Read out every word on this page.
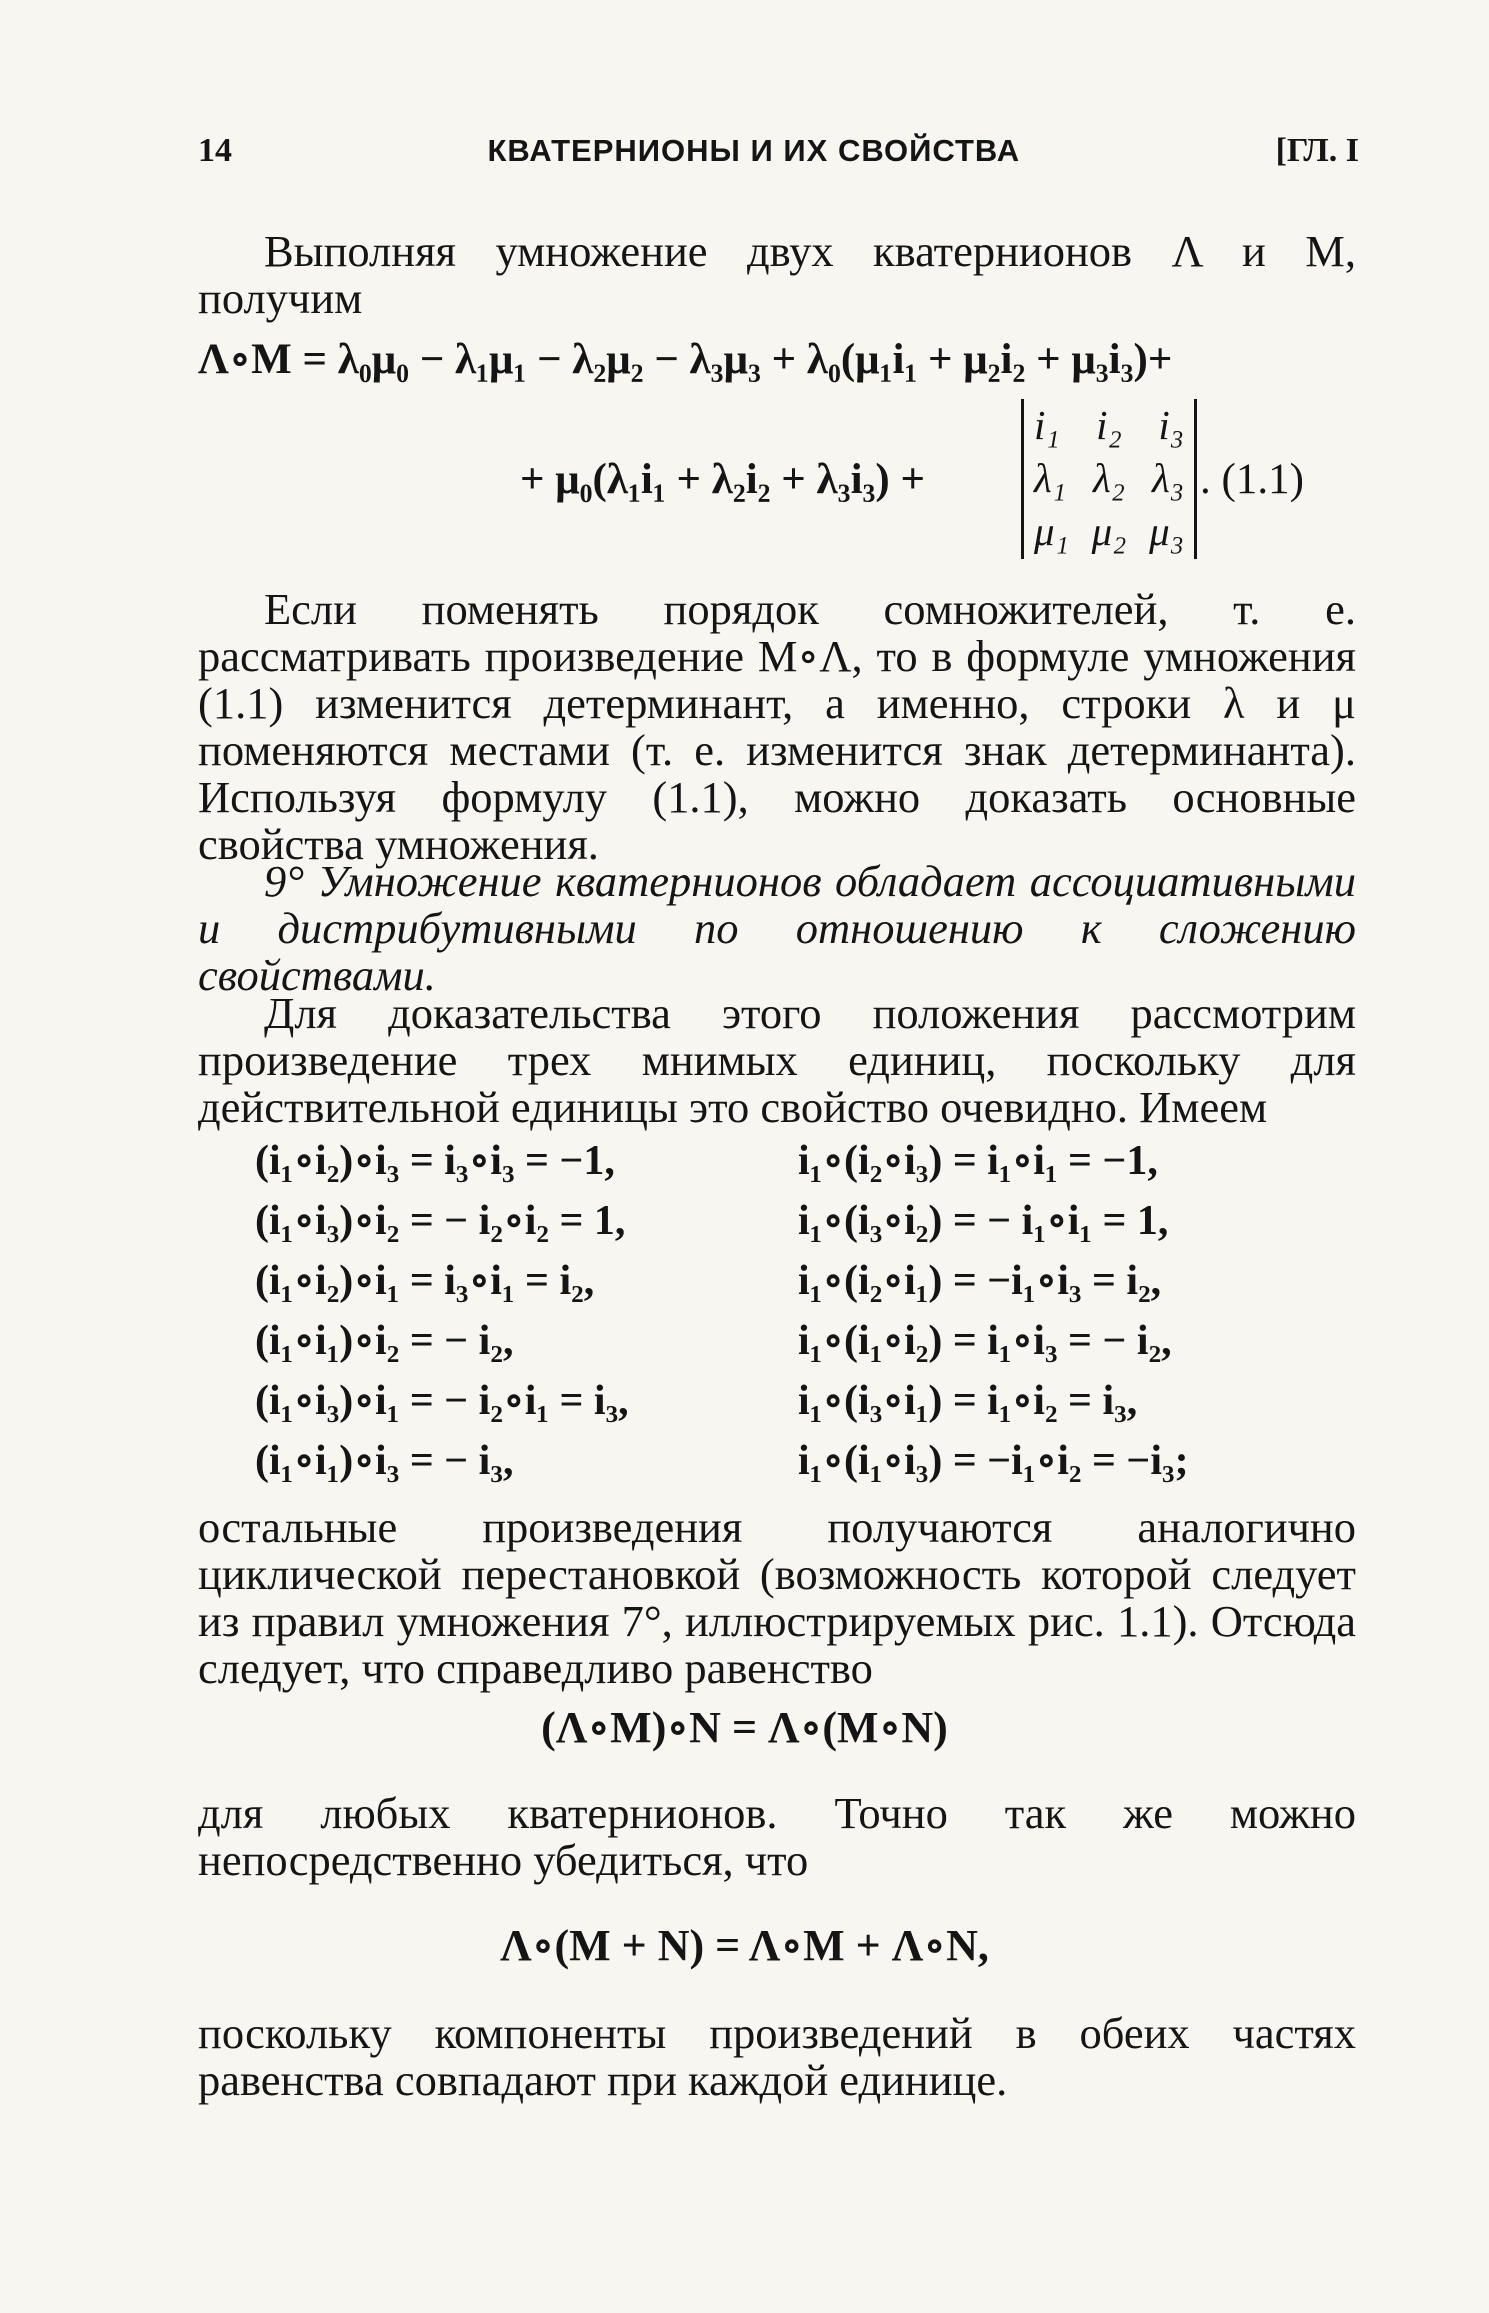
14	КВАТЕРНИОНЫ И ИХ СВОЙСТВА	[ГЛ. I
Выполняя умножение двух кватернионов Λ и M, получим
Λ∘M = λ₀μ₀ − λ₁μ₁ − λ₂μ₂ − λ₃μ₃ + λ₀(μ₁i₁ + μ₂i₂ + μ₃i₃)+
+ μ₀(λ₁i₁ + λ₂i₂ + λ₃i₃) +
i₁ i₂ i₃
λ₁ λ₂ λ₃
μ₁ μ₂ μ₃
. (1.1)
Если поменять порядок сомножителей, т. е. рассматривать произведение M∘Λ, то в формуле умножения (1.1) изменится детерминант, а именно, строки λ и μ поменяются местами (т. е. изменится знак детерминанта). Используя формулу (1.1), можно доказать основные свойства умножения.
9° Умножение кватернионов обладает ассоциативными и дистрибутивными по отношению к сложению свойствами.
Для доказательства этого положения рассмотрим произведение трех мнимых единиц, поскольку для действительной единицы это свойство очевидно. Имеем
(i₁∘i₂)∘i₃ = i₃∘i₃ = −1,
(i₁∘i₃)∘i₂ = − i₂∘i₂ = 1,
(i₁∘i₂)∘i₁ = i₃∘i₁ = i₂,
(i₁∘i₁)∘i₂ = − i₂,
(i₁∘i₃)∘i₁ = − i₂∘i₁ = i₃,
(i₁∘i₁)∘i₃ = − i₃,
i₁∘(i₂∘i₃) = i₁∘i₁ = −1,
i₁∘(i₃∘i₂) = − i₁∘i₁ = 1,
i₁∘(i₂∘i₁) = −i₁∘i₃ = i₂,
i₁∘(i₁∘i₂) = i₁∘i₃ = − i₂,
i₁∘(i₃∘i₁) = i₁∘i₂ = i₃,
i₁∘(i₁∘i₃) = −i₁∘i₂ = −i₃;
остальные произведения получаются аналогично циклической перестановкой (возможность которой следует из правил умножения 7°, иллюстрируемых рис. 1.1). Отсюда следует, что справедливо равенство
(Λ∘M)∘N = Λ∘(M∘N)
для любых кватернионов. Точно так же можно непосредственно убедиться, что
Λ∘(M + N) = Λ∘M + Λ∘N,
поскольку компоненты произведений в обеих частях равенства совпадают при каждой единице.
